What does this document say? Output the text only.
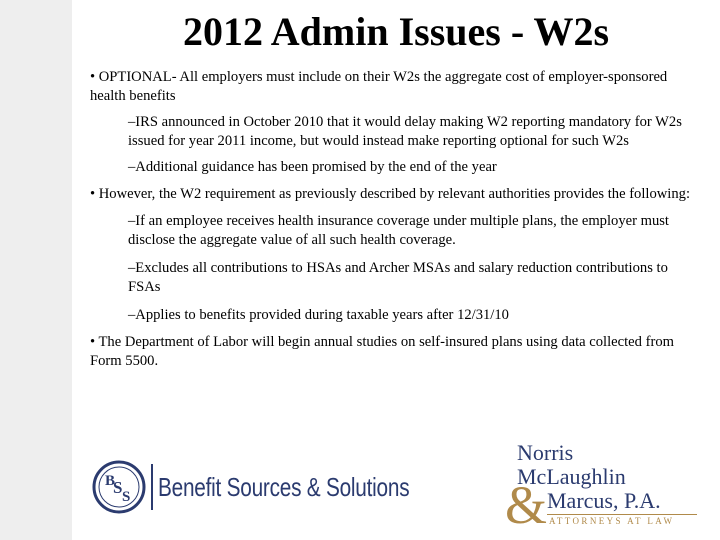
2012 Admin Issues - W2s

• OPTIONAL- All employers must include on their W2s the aggregate cost of employer-sponsored health benefits

–IRS announced in October 2010 that it would delay making W2 reporting mandatory for W2s issued for year 2011 income, but would instead make reporting optional for such W2s

–Additional guidance has been promised by the end of the year

• However, the W2 requirement as previously described by relevant authorities provides the following:

–If an employee receives health insurance coverage under multiple plans, the employer must disclose the aggregate value of all such health coverage.

–Excludes all contributions to HSAs and Archer MSAs and salary reduction contributions to FSAs

–Applies to benefits provided during taxable years after 12/31/10

• The Department of Labor will begin annual studies on self-insured plans using data collected from Form 5500.

B
S S Benefit Sources & Solutions
Norris
McLaughlin
& Marcus, P.A.
ATTORNEYS AT LAW
